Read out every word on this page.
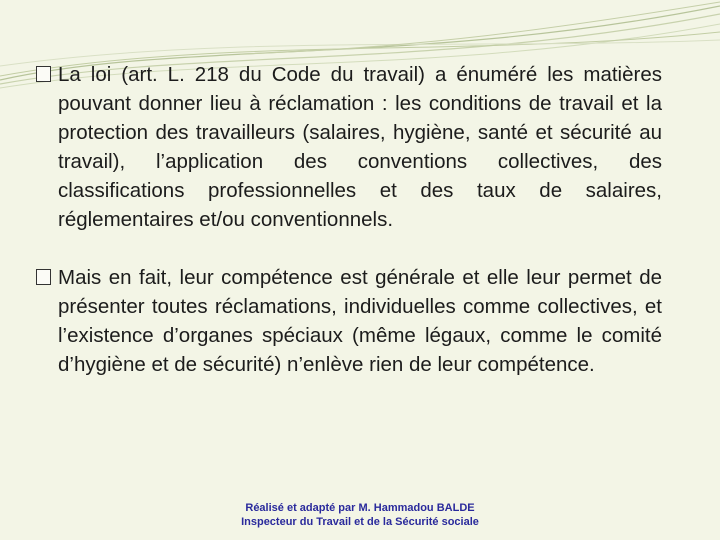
La loi (art. L. 218 du Code du travail) a énuméré les matières pouvant donner lieu à réclamation : les conditions de travail et la protection des travailleurs (salaires, hygiène, santé et sécurité au travail), l’application des conventions collectives, des classifications professionnelles et des taux de salaires, réglementaires et/ou conventionnels.

Mais en fait, leur compétence est générale et elle leur permet de présenter toutes réclamations, individuelles comme collectives, et l’existence d’organes spéciaux (même légaux, comme le comité d’hygiène et de sécurité) n’enlève rien de leur compétence.

Réalisé et adapté par M. Hammadou BALDE
Inspecteur du Travail et de la Sécurité sociale
